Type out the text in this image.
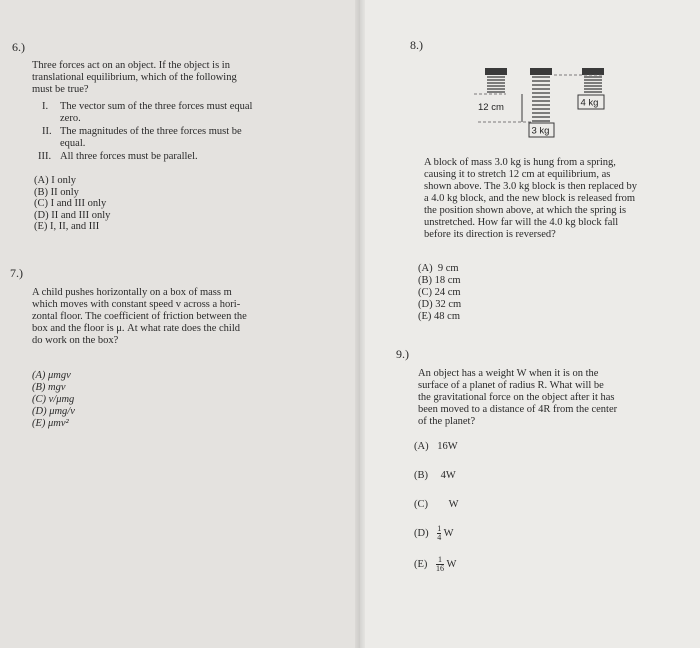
6.)
Three forces act on an object. If the object is in
translational equilibrium, which of the following
must be true?
I. The vector sum of the three forces must equal
zero.
II. The magnitudes of the three forces must be
equal.
III. All three forces must be parallel.
(A) I only
(B) II only
(C) I and III only
(D) II and III only
(E) I, II, and III
7.)
A child pushes horizontally on a box of mass m
which moves with constant speed v across a hori-
zontal floor. The coefficient of friction between the
box and the floor is μ. At what rate does the child
do work on the box?
(A) μmgv
(B) mgv
(C) v/μmg
(D) μmg/v
(E) μmv²
8.)
12 cm
3 kg
4 kg
A block of mass 3.0 kg is hung from a spring,
causing it to stretch 12 cm at equilibrium, as
shown above. The 3.0 kg block is then replaced by
a 4.0 kg block, and the new block is released from
the position shown above, at which the spring is
unstretched. How far will the 4.0 kg block fall
before its direction is reversed?
(A)  9 cm
(B) 18 cm
(C) 24 cm
(D) 32 cm
(E) 48 cm
9.)
An object has a weight W when it is on the
surface of a planet of radius R. What will be
the gravitational force on the object after it has
been moved to a distance of 4R from the center
of the planet?
(A) 16W
(B) 4W
(C) W
$(D) \frac{1}{4}$ W
$(E) \frac{1}{16}$ W
